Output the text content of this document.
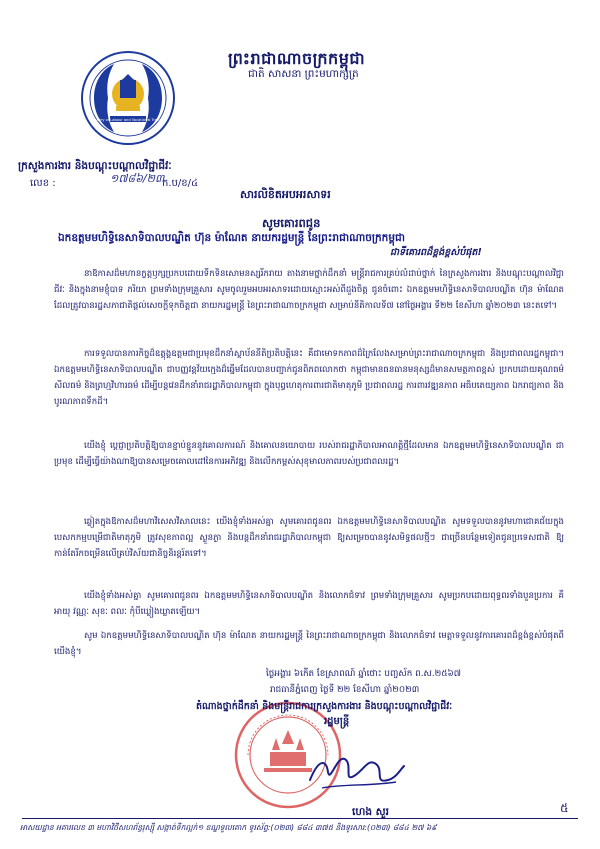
Ministry of Labour and Vocational Training
ព្រះរាជាណាចក្រកម្ពុជា
ជាតិ សាសនា ព្រះមហាក្សត្រ
ក្រសួងការងារ និងបណ្តុះបណ្តាលវិជ្ជាជីវៈ
លេខ :	១៧៨៦/២៣
ក.ប/ខ/៤
សារលិខិតអបអរសាទរ
សូមគោរពជូន
ឯកឧត្តមមហិទ្ធិនេសាទិបាលបណ្ឌិត ហ៊ុន ម៉ាណែត នាយករដ្ឋមន្ត្រី នៃព្រះរាជាណាចក្រកម្ពុជា
ជាទីគោរពដ៏ខ្ពង់ខ្ពស់បំផុត!
នាឱកាសដ៏មហានក្ខត្តឫក្សប្រកបដោយទីកទិនសោមនស្សរីករាយ តាងនាមថ្នាក់ដឹកនាំ មន្ត្រីរាជការគ្រប់លំដាប់ថ្នាក់ នៃក្រសួងការងារ និងបណ្តុះបណ្តាលវិជ្ជាជីវៈ និងក្នុងនាមខ្ញុំបាទ ភរិយា ព្រមទាំងក្រុមគ្រួសារ សូមចូលរួមអបអរសាទរដោយស្មោះអស់ពីដួងចិត្ត ជូនចំពោះ ឯកឧត្តមមហិទ្ធិនេសាទិបាលបណ្ឌិត ហ៊ុន ម៉ាណែត ដែលត្រូវបានរដ្ឋសភាជាតិផ្តល់សេចក្តីទុកចិត្តជា នាយករដ្ឋមន្ត្រី នៃព្រះរាជាណាចក្រកម្ពុជា សម្រាប់នីតិកាលទី៧ នៅថ្ងៃអង្គារ ទី២២ ខែសីហា ឆ្នាំ២០២៣ នេះតទៅ។
ការទទួលបានភារកិច្ចដ៏ឧត្តុង្គឧត្តមជាប្រមុខដឹកនាំស្ថាប័ននីតិប្រតិបត្តិនេះ គឺជាមោទកភាពដ៏ក្រៃលែងសម្រាប់ព្រះរាជាណាចក្រកម្ពុជា និងប្រជាពលរដ្ឋកម្ពុជា។ ឯកឧត្តមមហិទ្ធិនេសាទិបាលបណ្ឌិត ជាបញ្ញវន្តវ័យក្មេងដ៏ឆ្នើមដែលបានបញ្ជាក់ជូនពិភពលោកថា កម្ពុជាមានធនធានមនុស្សដ៏មានសមត្ថភាពខ្ពស់ ប្រកបដោយគុណធម៌ សីលធម៌ និងព្រហ្មវិហារធម៌ ដើម្បីបន្តវេនដឹកនាំរាជរដ្ឋាភិបាលកម្ពុជា ក្នុងបុព្វហេតុការពារជាតិមាតុភូមិ ប្រជាពលរដ្ឋ ការពារវឌ្ឍនភាព អធិបតេយ្យភាព ឯករាជ្យភាព និងបូរណភាពទឹកដី។
យើងខ្ញុំ ប្តេជ្ញាប្រតិបត្តិឱ្យបានខ្ជាប់ខ្ជួននូវគោលការណ៍ និងគោលនយោបាយ របស់រាជរដ្ឋាភិបាលអាណត្តិថ្មីដែលមាន ឯកឧត្តមមហិទ្ធិនេសាទិបាលបណ្ឌិត ជាប្រមុខ ដើម្បីធ្វើយ៉ាងណាឱ្យបានសម្រេចគោលដៅនៃការអភិវឌ្ឍ និងលើកកម្ពស់សុខុមាលភាពរបស់ប្រជាពលរដ្ឋ។
ឆ្លៀតក្នុងឱកាសដ៏មហាវិសេសវិសាលនេះ យើងខ្ញុំទាំងអស់គ្នា សូមគោរពជូនពរ ឯកឧត្តមមហិទ្ធិនេសាទិបាលបណ្ឌិត សូមទទួលបាននូវមហាជោគជ័យក្នុងបេសកកម្មបម្រើជាតិមាតុភូមិ ត្រូវសុខភាពល្អ ស្ងួនភ្ងា និងបន្តដឹកនាំរាជរដ្ឋាភិបាលកម្ពុជា ឱ្យសម្រេចបាននូវសមិទ្ធផលថ្មីៗ ជាច្រើនបន្ថែមទៀតជូនប្រទេសជាតិ ឱ្យកាន់តែរីកចម្រើនលើគ្រប់វិស័យជានិច្ចនិរន្តរ៍តទៅ។
យើងខ្ញុំទាំងអស់គ្នា សូមគោរពជូនពរ ឯកឧត្តមមហិទ្ធិនេសាទិបាលបណ្ឌិត និងលោកជំទាវ ព្រមទាំងក្រុមគ្រួសារ សូមប្រកបដោយពុទ្ធពរទាំងបួនប្រការ គឺ អាយុ វណ្ណៈ សុខៈ ពលៈ កុំបីឃ្លៀងឃ្លាតឡើយ។
សូម ឯកឧត្តមមហិទ្ធិនេសាទិបាលបណ្ឌិត ហ៊ុន ម៉ាណែត នាយករដ្ឋមន្ត្រី នៃព្រះរាជាណាចក្រកម្ពុជា និងលោកជំទាវ មេត្តាទទួលនូវការគោរពដ៏ខ្ពង់ខ្ពស់បំផុតពីយើងខ្ញុំ។
ថ្ងៃអង្គារ ៦កើត ខែស្រាពណ៍ ឆ្នាំថោះ បញ្ចស័ក ព.ស.២៥៦៧
រាជធានីភ្នំពេញ ថ្ងៃទី ២២ ខែសីហា ឆ្នាំ២០២៣
តំណាងថ្នាក់ដឹកនាំ និងមន្ត្រីរាជការក្រសួងការងារ និងបណ្តុះបណ្តាលវិជ្ជាជីវៈ
រដ្ឋមន្ត្រី
ហេង សួរ	៥
អាសយដ្ឋាន អគារលេខ ៣ មហាវិថីសហព័ន្ធរុស្ស៊ី សង្កាត់ទឹកល្អក់១ ខណ្ឌទួលគោក ទូរស័ព្ទ:(០២៣) ៨៨៤ ៣៧៥ និងទូរសារ:(០២៣) ៨៨៤ ២៧ ៦៩
